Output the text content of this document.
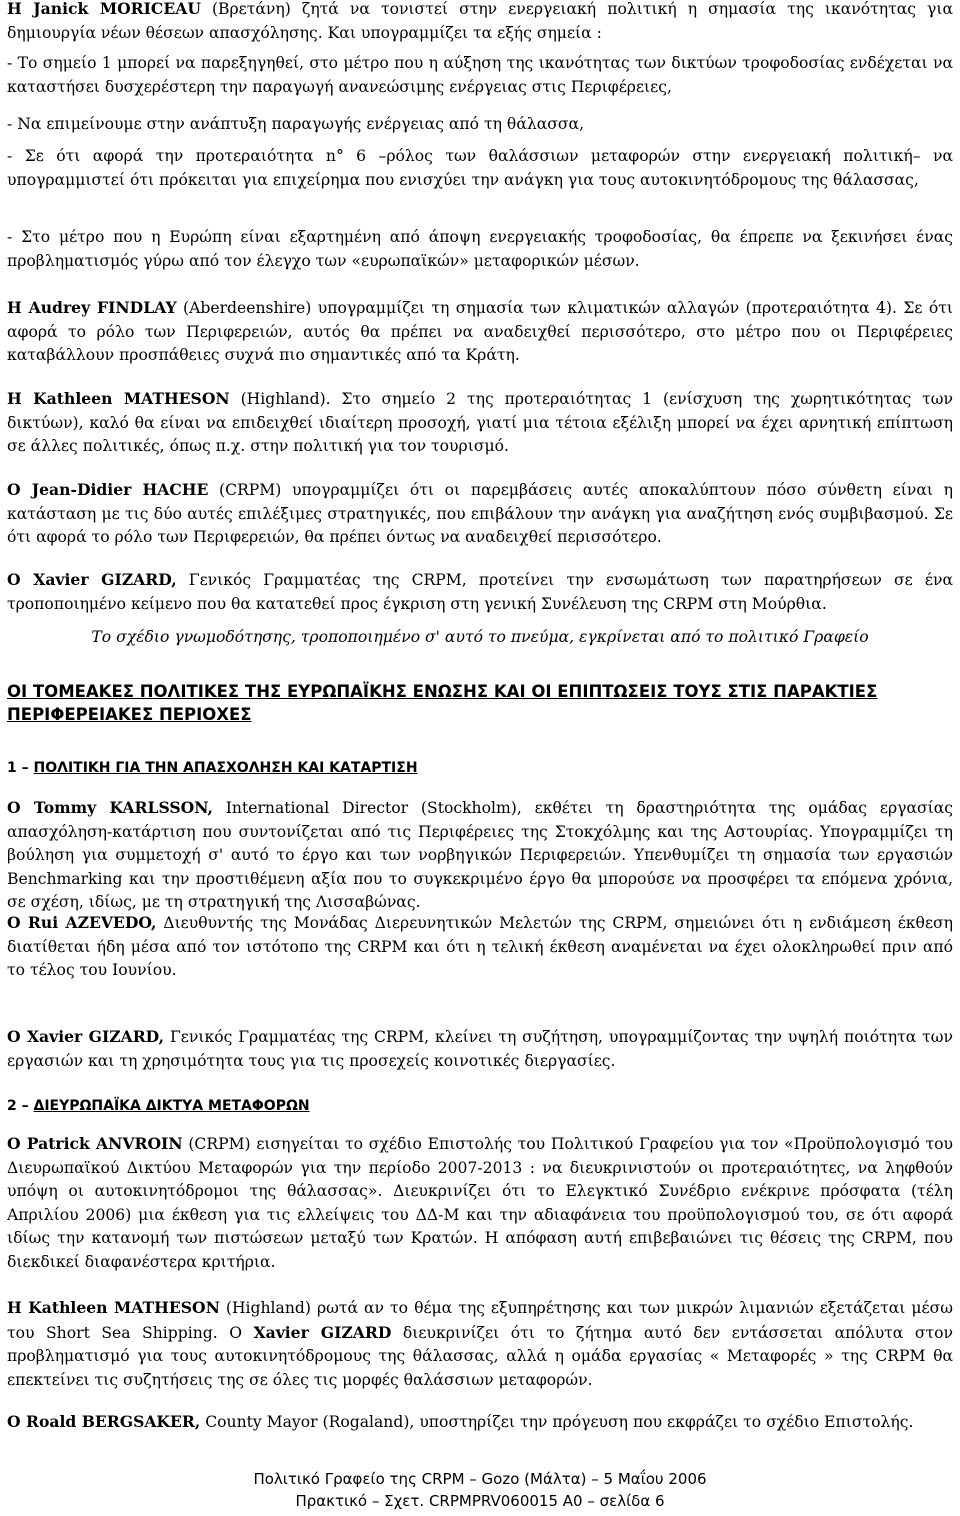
Η Janick MORICEAU (Βρετάνη) ζητά να τονιστεί στην ενεργειακή πολιτική η σημασία της ικανότητας για δημιουργία νέων θέσεων απασχόλησης. Και υπογραμμίζει τα εξής σημεία :

- Το σημείο 1 μπορεί να παρεξηγηθεί, στο μέτρο που η αύξηση της ικανότητας των δικτύων τροφοδοσίας ενδέχεται να καταστήσει δυσχερέστερη την παραγωγή ανανεώσιμης ενέργειας στις Περιφέρειες,

- Να επιμείνουμε στην ανάπτυξη παραγωγής ενέργειας από τη θάλασσα,

- Σε ότι αφορά την προτεραιότητα n° 6 –ρόλος των θαλάσσιων μεταφορών στην ενεργειακή πολιτική– να υπογραμμιστεί ότι πρόκειται για επιχείρημα που ενισχύει την ανάγκη για τους αυτοκινητόδρομους της θάλασσας,

- Στο μέτρο που η Ευρώπη είναι εξαρτημένη από άποψη ενεργειακής τροφοδοσίας, θα έπρεπε να ξεκινήσει ένας προβληματισμός γύρω από τον έλεγχο των «ευρωπαϊκών» μεταφορικών μέσων.

Η Audrey FINDLAY (Aberdeenshire) υπογραμμίζει τη σημασία των κλιματικών αλλαγών (προτεραιότητα 4). Σε ότι αφορά το ρόλο των Περιφερειών, αυτός θα πρέπει να αναδειχθεί περισσότερο, στο μέτρο που οι Περιφέρειες καταβάλλουν προσπάθειες συχνά πιο σημαντικές από τα Κράτη.

Η Kathleen MATHESON (Highland). Στο σημείο 2 της προτεραιότητας 1 (ενίσχυση της χωρητικότητας των δικτύων), καλό θα είναι να επιδειχθεί ιδιαίτερη προσοχή, γιατί μια τέτοια εξέλιξη μπορεί να έχει αρνητική επίπτωση σε άλλες πολιτικές, όπως π.χ. στην πολιτική για τον τουρισμό.

Ο Jean-Didier HACHE (CRPM) υπογραμμίζει ότι οι παρεμβάσεις αυτές αποκαλύπτουν πόσο σύνθετη είναι η κατάσταση με τις δύο αυτές επιλέξιμες στρατηγικές, που επιβάλουν την ανάγκη για αναζήτηση ενός συμβιβασμού. Σε ότι αφορά το ρόλο των Περιφερειών, θα πρέπει όντως να αναδειχθεί περισσότερο.

Ο Xavier GIZARD, Γενικός Γραμματέας της CRPM, προτείνει την ενσωμάτωση των παρατηρήσεων σε ένα τροποποιημένο κείμενο που θα κατατεθεί προς έγκριση στη γενική Συνέλευση της CRPM στη Μούρθια.

Το σχέδιο γνωμοδότησης, τροποποιημένο σ' αυτό το πνεύμα, εγκρίνεται από το πολιτικό Γραφείο

ΟΙ ΤΟΜΕΑΚΕΣ ΠΟΛΙΤΙΚΕΣ ΤΗΣ ΕΥΡΩΠΑΪΚΗΣ ΕΝΩΣΗΣ ΚΑΙ ΟΙ ΕΠΙΠΤΩΣΕΙΣ ΤΟΥΣ ΣΤΙΣ ΠΑΡΑΚΤΙΕΣ ΠΕΡΙΦΕΡΕΙΑΚΕΣ ΠΕΡΙΟΧΕΣ

1 – ΠΟΛΙΤΙΚΗ ΓΙΑ ΤΗΝ ΑΠΑΣΧΟΛΗΣΗ ΚΑΙ ΚΑΤΑΡΤΙΣΗ

Ο Tommy KARLSSON, International Director (Stockholm), εκθέτει τη δραστηριότητα της ομάδας εργασίας απασχόληση-κατάρτιση που συντονίζεται από τις Περιφέρειες της Στοκχόλμης και της Αστουρίας. Υπογραμμίζει τη βούληση για συμμετοχή σ' αυτό το έργο και των νορβηγικών Περιφερειών. Υπενθυμίζει τη σημασία των εργασιών Benchmarking και την προστιθέμενη αξία που το συγκεκριμένο έργο θα μπορούσε να προσφέρει τα επόμενα χρόνια, σε σχέση, ιδίως, με τη στρατηγική της Λισσαβώνας.

Ο Rui AZEVEDO, Διευθυντής της Μονάδας Διερευνητικών Μελετών της CRPM, σημειώνει ότι η ενδιάμεση έκθεση διατίθεται ήδη μέσα από τον ιστότοπο της CRPM και ότι η τελική έκθεση αναμένεται να έχει ολοκληρωθεί πριν από το τέλος του Ιουνίου.

Ο Xavier GIZARD, Γενικός Γραμματέας της CRPM, κλείνει τη συζήτηση, υπογραμμίζοντας την υψηλή ποιότητα των εργασιών και τη χρησιμότητα τους για τις προσεχείς κοινοτικές διεργασίες.

2 – ΔΙΕΥΡΩΠΑΪΚΑ ΔΙΚΤΥΑ ΜΕΤΑΦΟΡΩΝ

Ο Patrick ANVROIN (CRPM) εισηγείται το σχέδιο Επιστολής του Πολιτικού Γραφείου για τον «Προϋπολογισμό του Διευρωπαϊκού Δικτύου Μεταφορών για την περίοδο 2007-2013 : να διευκρινιστούν οι προτεραιότητες, να ληφθούν υπόψη οι αυτοκινητόδρομοι της θάλασσας». Διευκρινίζει ότι το Ελεγκτικό Συνέδριο ενέκρινε πρόσφατα (τέλη Απριλίου 2006) μια έκθεση για τις ελλείψεις του ΔΔ-Μ και την αδιαφάνεια του προϋπολογισμού του, σε ότι αφορά ιδίως την κατανομή των πιστώσεων μεταξύ των Κρατών. Η απόφαση αυτή επιβεβαιώνει τις θέσεις της CRPM, που διεκδικεί διαφανέστερα κριτήρια.

Η Kathleen MATHESON (Highland) ρωτά αν το θέμα της εξυπηρέτησης και των μικρών λιμανιών εξετάζεται μέσω του Short Sea Shipping. Ο Xavier GIZARD διευκρινίζει ότι το ζήτημα αυτό δεν εντάσσεται απόλυτα στον προβληματισμό για τους αυτοκινητόδρομους της θάλασσας, αλλά η ομάδα εργασίας « Μεταφορές » της CRPM θα επεκτείνει τις συζητήσεις της σε όλες τις μορφές θαλάσσιων μεταφορών.

Ο Roald BERGSAKER, County Mayor (Rogaland), υποστηρίζει την πρόγευση που εκφράζει το σχέδιο Επιστολής.

Πολιτικό Γραφείο της CRPM – Gozo (Μάλτα) – 5 Μαΐου 2006
Πρακτικό – Σχετ. CRPMPRV060015 A0 – σελίδα 6
